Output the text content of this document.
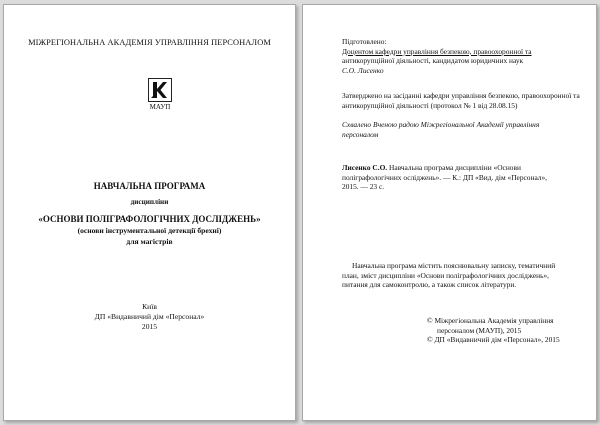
МІЖРЕГІОНАЛЬНА АКАДЕМІЯ УПРАВЛІННЯ ПЕРСОНАЛОМ
МАУП
НАВЧАЛЬНА ПРОГРАМА
дисципліни
«ОСНОВИ ПОЛІГРАФОЛОГІЧНИХ ДОСЛІДЖЕНЬ»
(основи інструментальної детекції брехні)
для магістрів
Київ
ДП «Видавничий дім «Персонал»
2015
Підготовлено:
Доцентом кафедри управління безпекою, правоохоронної та
антикорупційної діяльності, кандидатом юридичних наук
С.О. Лисенко
Затверджено на засіданні кафедри управління безпекою, правоохоронної та
антикорупційної діяльності (протокол № 1 від 28.08.15)
Схвалено Вченою радою Міжрегіональної Академії управління
персоналом
Лисенко С.О. Навчальна програма дисципліни «Основи
поліграфологічних осліджень». — К.: ДП «Вид. дім «Персонал»,
2015. — 23 с.
Навчальна програма містить пояснювальну записку, тематичний
план, зміст дисципліни «Основи поліграфологічних досліджень»,
питання для самоконтролю, а також список літератури.
© Міжрегіональна Академія управління
персоналом (МАУП), 2015
© ДП «Видавничий дім «Персонал», 2015
